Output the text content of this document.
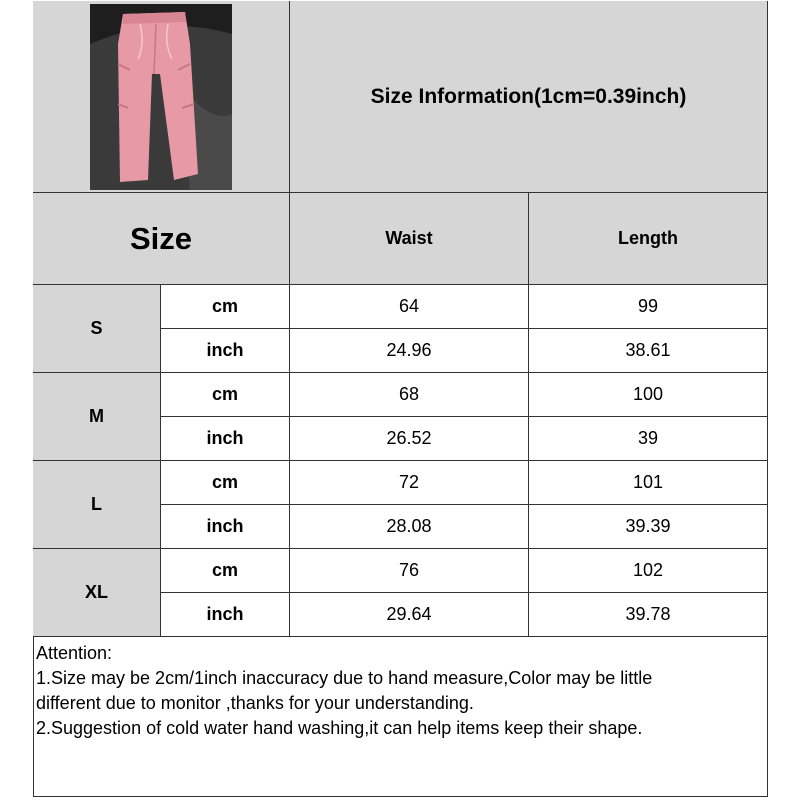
Size Information(1cm=0.39inch)
Size	Waist	Length
S
cm	64	99
inch	24.96	38.61
M
cm	68	100
inch	26.52	39
L
cm	72	101
inch	28.08	39.39
XL
cm	76	102
inch	29.64	39.78
Attention:
1.Size may be 2cm/1inch inaccuracy due to hand measure,Color may be little
different due to monitor ,thanks for your understanding.
2.Suggestion of cold water hand washing,it can help items keep their shape.
